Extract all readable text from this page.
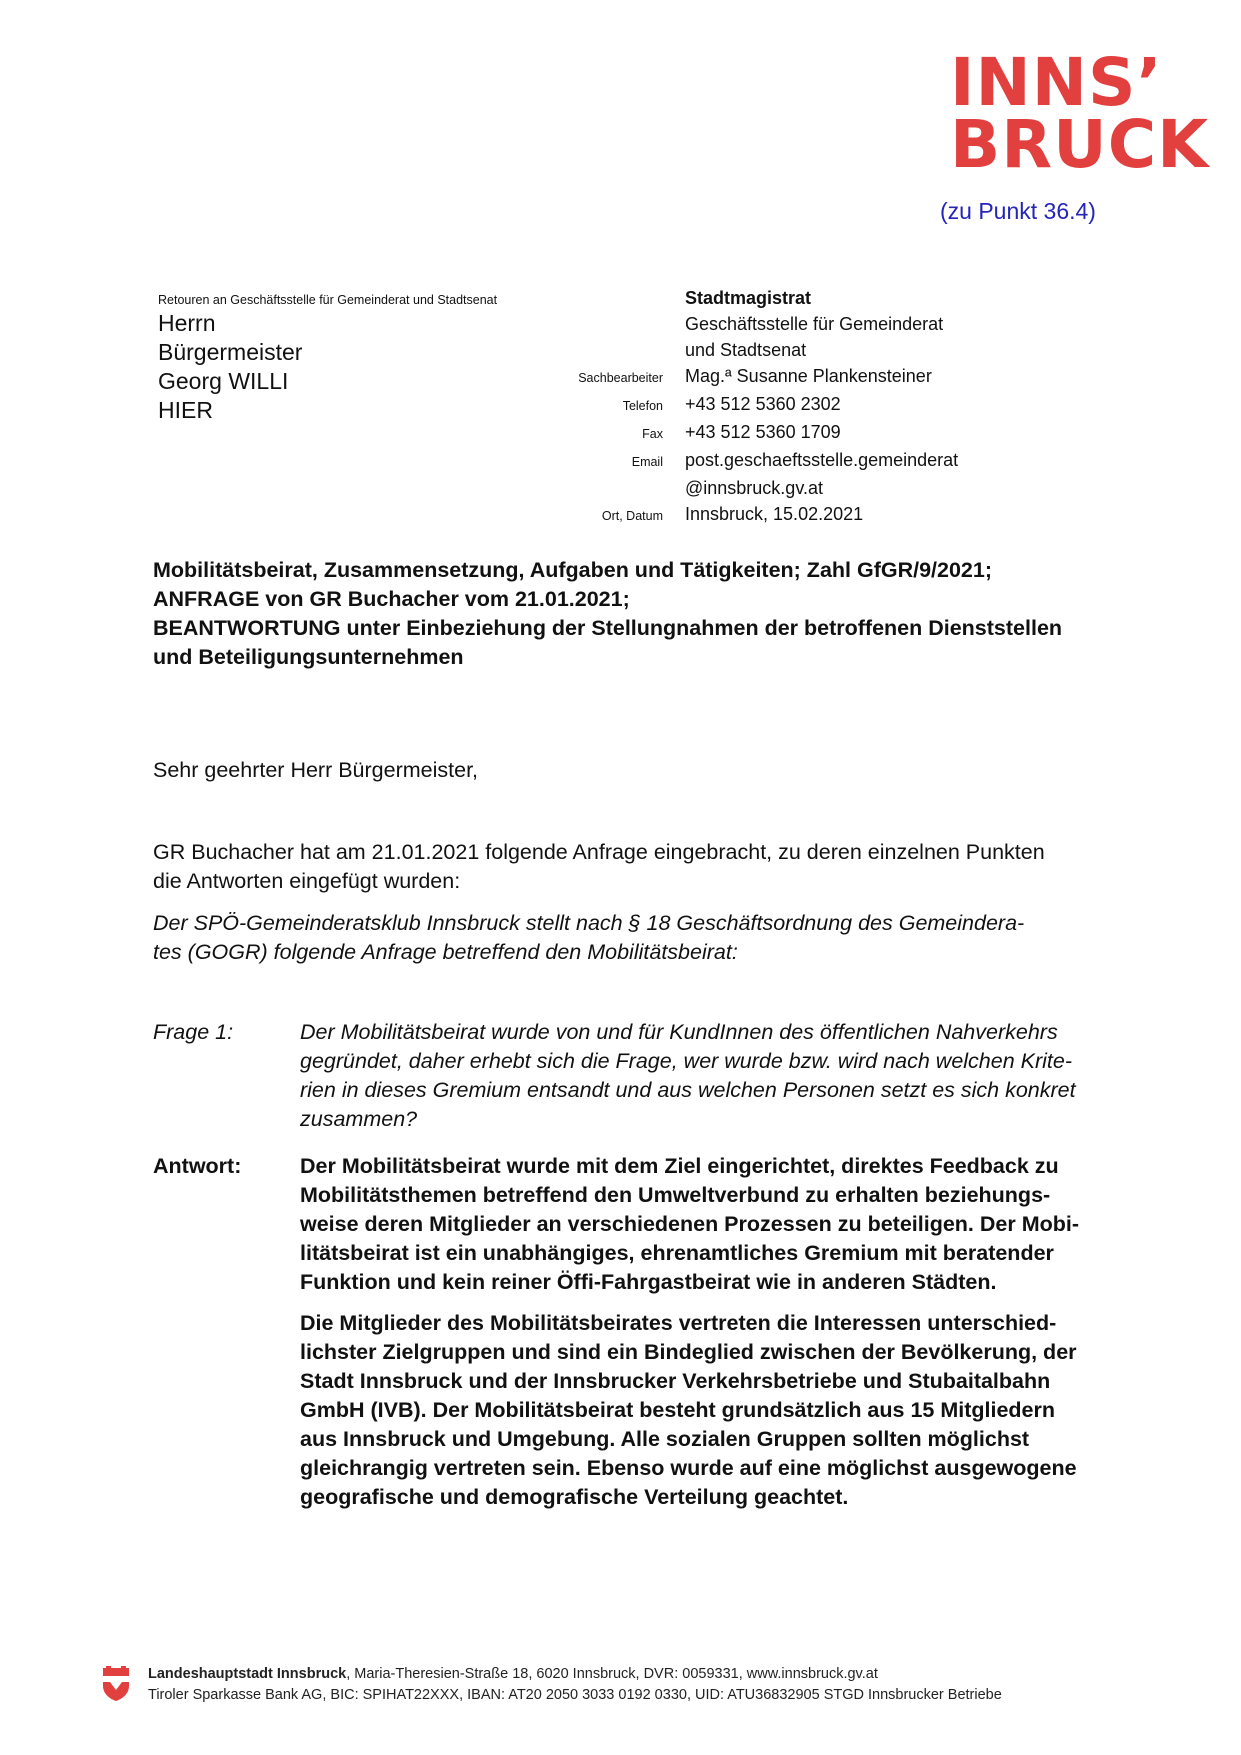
INNS’
BRUCK
(zu Punkt 36.4)
Retouren an Geschäftsstelle für Gemeinderat und Stadtsenat
Herrn
Bürgermeister
Georg WILLI
HIER
Stadtmagistrat
Geschäftsstelle für Gemeinderat
und Stadtsenat
Sachbearbeiter	Mag.ª Susanne Plankensteiner
Telefon	+43 512 5360 2302
Fax	+43 512 5360 1709
Email	post.geschaeftsstelle.gemeinderat
@innsbruck.gv.at
Ort, Datum	Innsbruck, 15.02.2021
Mobilitätsbeirat, Zusammensetzung, Aufgaben und Tätigkeiten; Zahl GfGR/9/2021;
ANFRAGE von GR Buchacher vom 21.01.2021;
BEANTWORTUNG unter Einbeziehung der Stellungnahmen der betroffenen Dienststellen
und Beteiligungsunternehmen
Sehr geehrter Herr Bürgermeister,
GR Buchacher hat am 21.01.2021 folgende Anfrage eingebracht, zu deren einzelnen Punkten
die Antworten eingefügt wurden:
Der SPÖ-Gemeinderatsklub Innsbruck stellt nach § 18 Geschäftsordnung des Gemeindera-
tes (GOGR) folgende Anfrage betreffend den Mobilitätsbeirat:
Frage 1:	Der Mobilitätsbeirat wurde von und für KundInnen des öffentlichen Nahverkehrs
gegründet, daher erhebt sich die Frage, wer wurde bzw. wird nach welchen Krite-
rien in dieses Gremium entsandt und aus welchen Personen setzt es sich konkret
zusammen?
Antwort:	Der Mobilitätsbeirat wurde mit dem Ziel eingerichtet, direktes Feedback zu
Mobilitätsthemen betreffend den Umweltverbund zu erhalten beziehungs-
weise deren Mitglieder an verschiedenen Prozessen zu beteiligen. Der Mobi-
litätsbeirat ist ein unabhängiges, ehrenamtliches Gremium mit beratender
Funktion und kein reiner Öffi-Fahrgastbeirat wie in anderen Städten.

Die Mitglieder des Mobilitätsbeirates vertreten die Interessen unterschied-
lichster Zielgruppen und sind ein Bindeglied zwischen der Bevölkerung, der
Stadt Innsbruck und der Innsbrucker Verkehrsbetriebe und Stubaitalbahn
GmbH (IVB). Der Mobilitätsbeirat besteht grundsätzlich aus 15 Mitgliedern
aus Innsbruck und Umgebung. Alle sozialen Gruppen sollten möglichst
gleichrangig vertreten sein. Ebenso wurde auf eine möglichst ausgewogene
geografische und demografische Verteilung geachtet.

Landeshauptstadt Innsbruck, Maria-Theresien-Straße 18, 6020 Innsbruck, DVR: 0059331, www.innsbruck.gv.at
Tiroler Sparkasse Bank AG, BIC: SPIHAT22XXX, IBAN: AT20 2050 3033 0192 0330, UID: ATU36832905 STGD Innsbrucker Betriebe
